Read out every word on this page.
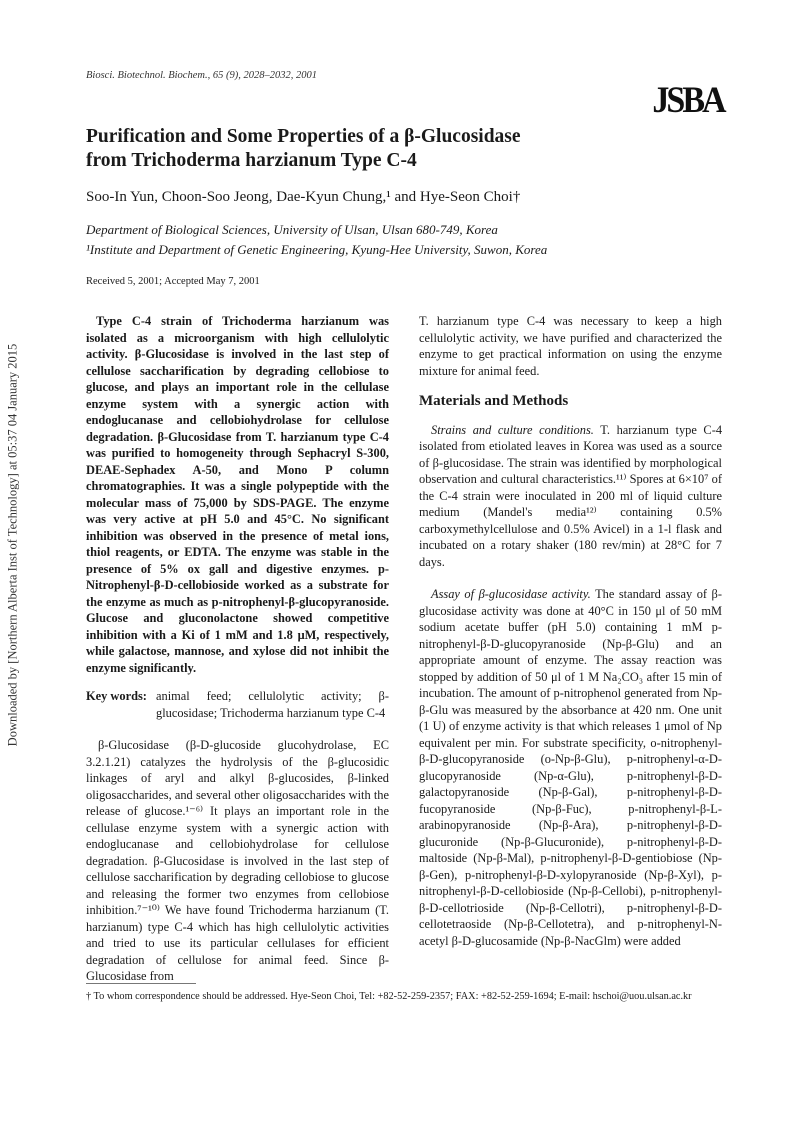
Downloaded by [Northern Alberta Inst of Technology] at 05:37 04 January 2015
Biosci. Biotechnol. Biochem., 65 (9), 2028–2032, 2001
JSBA
Purification and Some Properties of a β-Glucosidase
from Trichoderma harzianum Type C-4
Soo-In Yun, Choon-Soo Jeong, Dae-Kyun Chung,¹ and Hye-Seon Choi†
Department of Biological Sciences, University of Ulsan, Ulsan 680-749, Korea
¹Institute and Department of Genetic Engineering, Kyung-Hee University, Suwon, Korea
Received 5, 2001; Accepted May 7, 2001

Type C-4 strain of Trichoderma harzianum was isolated as a microorganism with high cellulolytic activity. β-Glucosidase is involved in the last step of cellulose saccharification by degrading cellobiose to glucose, and plays an important role in the cellulase enzyme system with a synergic action with endoglucanase and cellobiohydrolase for cellulose degradation. β-Glucosidase from T. harzianum type C-4 was purified to homogeneity through Sephacryl S-300, DEAE-Sephadex A-50, and Mono P column chromatographies. It was a single polypeptide with the molecular mass of 75,000 by SDS-PAGE. The enzyme was very active at pH 5.0 and 45°C. No significant inhibition was observed in the presence of metal ions, thiol reagents, or EDTA. The enzyme was stable in the presence of 5% ox gall and digestive enzymes. p-Nitrophenyl-β-D-cellobioside worked as a substrate for the enzyme as much as p-nitrophenyl-β-glucopyranoside. Glucose and gluconolactone showed competitive inhibition with a Ki of 1 mM and 1.8 μM, respectively, while galactose, mannose, and xylose did not inhibit the enzyme significantly.

Key words: animal feed; cellulolytic activity; β-glucosidase; Trichoderma harzianum type C-4

β-Glucosidase (β-D-glucoside glucohydrolase, EC 3.2.1.21) catalyzes the hydrolysis of the β-glucosidic linkages of aryl and alkyl β-glucosides, β-linked oligosaccharides, and several other oligosaccharides with the release of glucose.¹⁻⁶⁾ It plays an important role in the cellulase enzyme system with a synergic action with endoglucanase and cellobiohydrolase for cellulose degradation. β-Glucosidase is involved in the last step of cellulose saccharification by degrading cellobiose to glucose and releasing the former two enzymes from cellobiose inhibition.⁷⁻¹⁰⁾ We have found Trichoderma harzianum (T. harzianum) type C-4 which has high cellulolytic activities and tried to use its particular cellulases for efficient degradation of cellulose for animal feed. Since β-Glucosidase from

T. harzianum type C-4 was necessary to keep a high cellulolytic activity, we have purified and characterized the enzyme to get practical information on using the enzyme mixture for animal feed.

Materials and Methods

Strains and culture conditions. T. harzianum type C-4 isolated from etiolated leaves in Korea was used as a source of β-glucosidase. The strain was identified by morphological observation and cultural characteristics.¹¹⁾ Spores at 6×10⁷ of the C-4 strain were inoculated in 200 ml of liquid culture medium (Mandel's media¹²⁾ containing 0.5% carboxymethylcellulose and 0.5% Avicel) in a 1-l flask and incubated on a rotary shaker (180 rev/min) at 28°C for 7 days.

Assay of β-glucosidase activity. The standard assay of β-glucosidase activity was done at 40°C in 150 μl of 50 mM sodium acetate buffer (pH 5.0) containing 1 mM p-nitrophenyl-β-D-glucopyranoside (Np-β-Glu) and an appropriate amount of enzyme. The assay reaction was stopped by addition of 50 μl of 1 M Na₂CO₃ after 15 min of incubation. The amount of p-nitrophenol generated from Np-β-Glu was measured by the absorbance at 420 nm. One unit (1 U) of enzyme activity is that which releases 1 μmol of Np equivalent per min. For substrate specificity, o-nitrophenyl-β-D-glucopyranoside (o-Np-β-Glu), p-nitrophenyl-α-D-glucopyranoside (Np-α-Glu), p-nitrophenyl-β-D-galactopyranoside (Np-β-Gal), p-nitrophenyl-β-D-fucopyranoside (Np-β-Fuc), p-nitrophenyl-β-L-arabinopyranoside (Np-β-Ara), p-nitrophenyl-β-D-glucuronide (Np-β-Glucuronide), p-nitrophenyl-β-D-maltoside (Np-β-Mal), p-nitrophenyl-β-D-gentiobiose (Np-β-Gen), p-nitrophenyl-β-D-xylopyranoside (Np-β-Xyl), p-nitrophenyl-β-D-cellobioside (Np-β-Cellobi), p-nitrophenyl-β-D-cellotrioside (Np-β-Cellotri), p-nitrophenyl-β-D-cellotetraoside (Np-β-Cellotetra), and p-nitrophenyl-N-acetyl β-D-glucosamide (Np-β-NacGlm) were added

† To whom correspondence should be addressed. Hye-Seon Choi, Tel: +82-52-259-2357; FAX: +82-52-259-1694; E-mail: hschoi@uou.ulsan.ac.kr
